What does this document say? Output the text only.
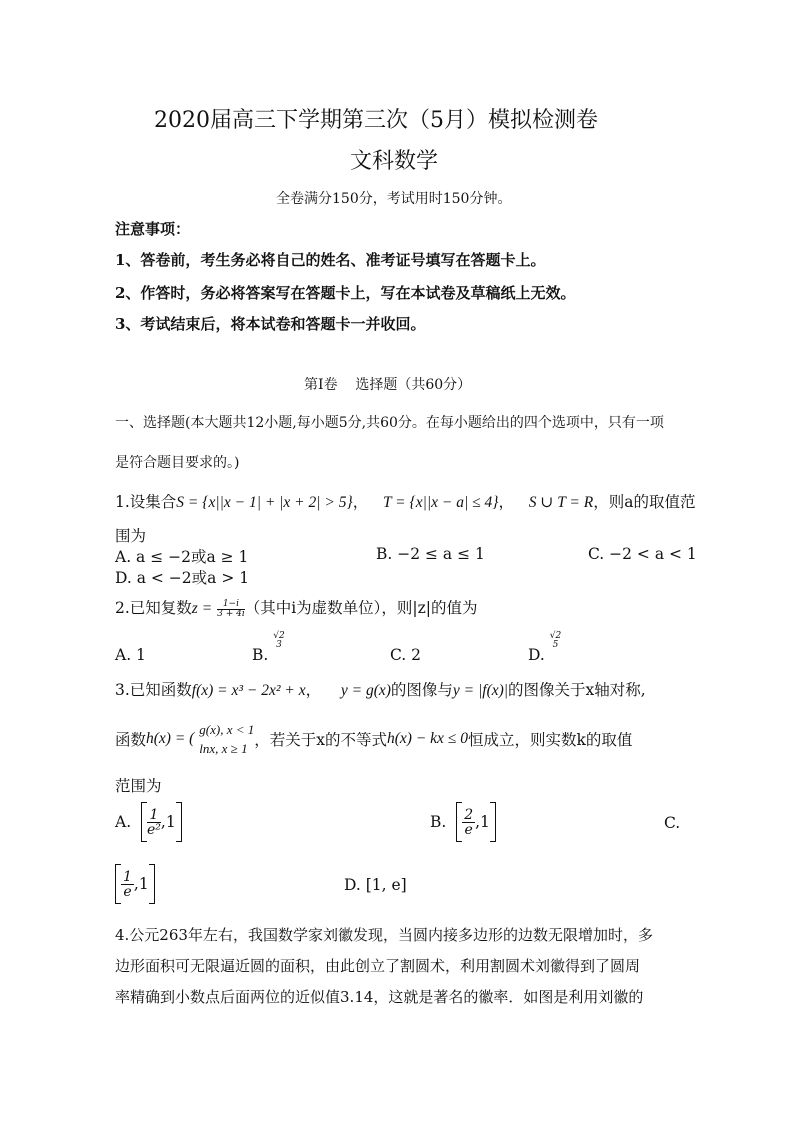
2020届高三下学期第三次（5月）模拟检测卷
文科数学
全卷满分150分，考试用时150分钟。
注意事项：
1、答卷前，考生务必将自己的姓名、准考证号填写在答题卡上。
2、作答时，务必将答案写在答题卡上，写在本试卷及草稿纸上无效。
3、考试结束后，将本试卷和答题卡一并收回。
第Ⅰ卷    选择题（共60分）
一、选择题(本大题共12小题,每小题5分,共60分。在每小题给出的四个选项中，只有一项
是符合题目要求的。)
1.设集合S = {x||x − 1| + |x + 2| > 5}，   T = {x||x − a| ≤ 4}，   S ∪ T = R，则a的取值范
围为
A. a ≤ −2或a ≥ 1	B. −2 ≤ a ≤ 1	C. −2 < a < 1
D. a < −2或a > 1
2.已知复数$z = \frac{1-i}{3 + 4i}$ （其中i为虚数单位），则|z|的值为
A. 1	B.
√2
3
C. 2	D.
√2
5
3.已知函数f(x) = x³ − 2x² + x， y = g(x)的图像与y = |f(x)|的图像关于x轴对称,
函数h(x) = (
g(x), x < 1
lnx, x ≥ 1 ，若关于x的不等式h(x) − kx ≤ 0恒成立，则实数k的取值
范围为
A. $\frac{1}{\text{e²}} ,1$	B. $\frac{2}{e} ,1$	C.
$\frac{1}{e} ,1$	D. [1, e]
4.公元263年左右，我国数学家刘徽发现，当圆内接多边形的边数无限增加时，多
边形面积可无限逼近圆的面积，由此创立了割圆术，利用割圆术刘徽得到了圆周
率精确到小数点后面两位的近似值3.14，这就是著名的徽率．如图是利用刘徽的
